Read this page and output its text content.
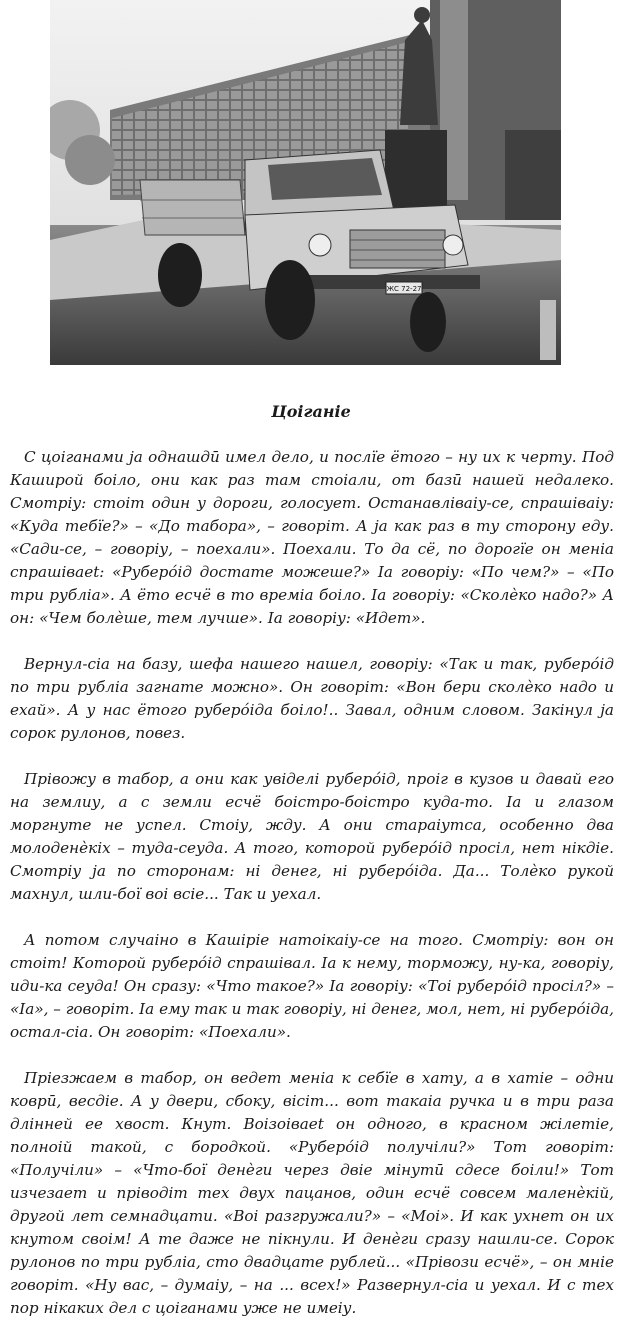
ЖС 72-27
Цоіганіе

С цоіганами ја однашдӣ имел дело, и послїе ётого – ну их к черту. Под Каширой боіло, они как раз там стоіали, от базӣ нашей недалеко. Смотріу: стоіт один у дороги, голосует. Останавліваіу-се, спрашіваіу: «Куда тебїе?» – «До табора», – говоріт. А ја как раз в ту сторону еду. «Сади-се, – говоріу, – поехали». Поехали. То да сё, по дорогїе он меніа спрашіваеt: «Руберо́ід достате можеше?» Іа говоріу: «По чем?» – «По три рубліа». А ёто есчё в то времіа боіло. Іа говоріу: «Сколѐко надо?» А он: «Чем болѐше, тем лучше». Іа говоріу: «Идет».

Вернул-сіа на базу, шефа нашего нашел, говоріу: «Так и так, руберо́ід по три рубліа загнате можно». Он говоріт: «Вон бери сколѐко надо и ехай». А у нас ётого руберо́іда боіло!.. Завал, одним словом. Закінул ја сорок рулонов, повез.

Прівожу в табор, а они как увіделі руберо́ід, проіг в кузов и давай его на землиу, а с земли есчё боістро-боістро куда-то. Іа и глазом моргнуте не успел. Стоіу, жду. А они стараіутса, особенно два молоденѐкіх – туда-сеуда. А того, которой руберо́ід просіл, нет нікдіе. Смотріу ја по сторонам: ні денег, ні руберо́іда. Да... Толѐко рукой махнул, шли-бої воі всіе... Так и уехал.

А потом случаіно в Кашіріе натоікаіу-се на того. Смотріу: вон он стоіт! Которой руберо́ід спрашівал. Іа к нему, торможу, ну-ка, говоріу, иди-ка сеуда! Он сразу: «Что такое?» Іа говоріу: «Тоі руберо́ід просіл?» – «Іа», – говоріт. Іа ему так и так говоріу, ні денег, мол, нет, ні руберо́іда, остал-сіа. Он говоріт: «Поехали».

Пріезжаем в табор, он ведет меніа к себїе в хату, а в хатіе – одни коврӣ, весдіе. А у двери, сбоку, вісіт... вот такаіа ручка и в три раза длінней ее хвост. Кнут. Воізоіваеt он одного, в красном жілетіе, полноій такой, с бородкой. «Руберо́ід получіли?» Тот говоріт: «Получіли» – «Что-бої денѐги через двіе мінутӣ сдесе боіли!» Тот изчезает и пріводіт тех двух пацанов, один есчё совсем маленѐкій, другой лет семнадцати. «Воі разгружали?» – «Моі». И как ухнет он их кнутом своім! А те даже не пікнули. И денѐги сразу нашли-се. Сорок рулонов по три рубліа, сто двадцате рублей... «Прівози есчё», – он мніе говоріт. «Ну вас, – думаіу, – на ... всех!» Развернул-сіа и уехал. И с тех пор нікаких дел с цоіганами уже не имеіу.
